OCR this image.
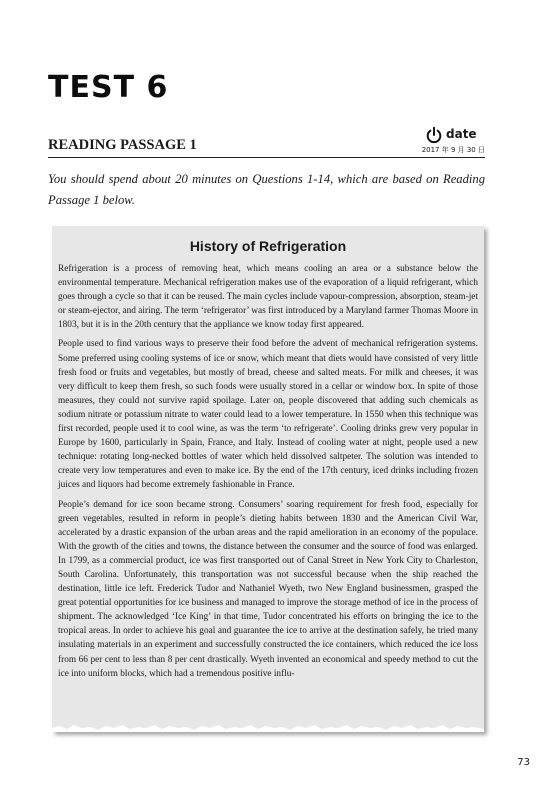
TEST 6
READING PASSAGE 1
date
2017 年 9 月 30 日

You should spend about 20 minutes on Questions 1-14, which are based on Reading Passage 1 below.

History of Refrigeration

Refrigeration is a process of removing heat, which means cooling an area or a substance below the environmental temperature. Mechanical refrigeration makes use of the evaporation of a liquid refrigerant, which goes through a cycle so that it can be reused. The main cycles include vapour-compression, absorption, steam-jet or steam-ejector, and airing. The term ‘refrigerator’ was first introduced by a Maryland farmer Thomas Moore in 1803, but it is in the 20th century that the appliance we know today first appeared.

People used to find various ways to preserve their food before the advent of mechanical refrigeration systems. Some preferred using cooling systems of ice or snow, which meant that diets would have consisted of very little fresh food or fruits and vegetables, but mostly of bread, cheese and salted meats. For milk and cheeses, it was very difficult to keep them fresh, so such foods were usually stored in a cellar or window box. In spite of those measures, they could not survive rapid spoilage. Later on, people discovered that adding such chemicals as sodium nitrate or potassium nitrate to water could lead to a lower temperature. In 1550 when this technique was first recorded, people used it to cool wine, as was the term ‘to refrigerate’. Cooling drinks grew very popular in Europe by 1600, particularly in Spain, France, and Italy. Instead of cooling water at night, people used a new technique: rotating long-necked bottles of water which held dissolved saltpeter. The solution was intended to create very low temperatures and even to make ice. By the end of the 17th century, iced drinks including frozen juices and liquors had become extremely fashionable in France.

People’s demand for ice soon became strong. Consumers’ soaring requirement for fresh food, especially for green vegetables, resulted in reform in people’s dieting habits between 1830 and the American Civil War, accelerated by a drastic expansion of the urban areas and the rapid amelioration in an economy of the populace. With the growth of the cities and towns, the distance between the consumer and the source of food was enlarged. In 1799, as a commercial product, ice was first transported out of Canal Street in New York City to Charleston, South Carolina. Unfortunately, this transportation was not successful because when the ship reached the destination, little ice left. Frederick Tudor and Nathaniel Wyeth, two New England businessmen, grasped the great potential opportunities for ice business and managed to improve the storage method of ice in the process of shipment. The acknowledged ‘Ice King’ in that time, Tudor concentrated his efforts on bringing the ice to the tropical areas. In order to achieve his goal and guarantee the ice to arrive at the destination safely, he tried many insulating materials in an experiment and successfully constructed the ice containers, which reduced the ice loss from 66 per cent to less than 8 per cent drastically. Wyeth invented an economical and speedy method to cut the ice into uniform blocks, which had a tremendous positive influ-

73
